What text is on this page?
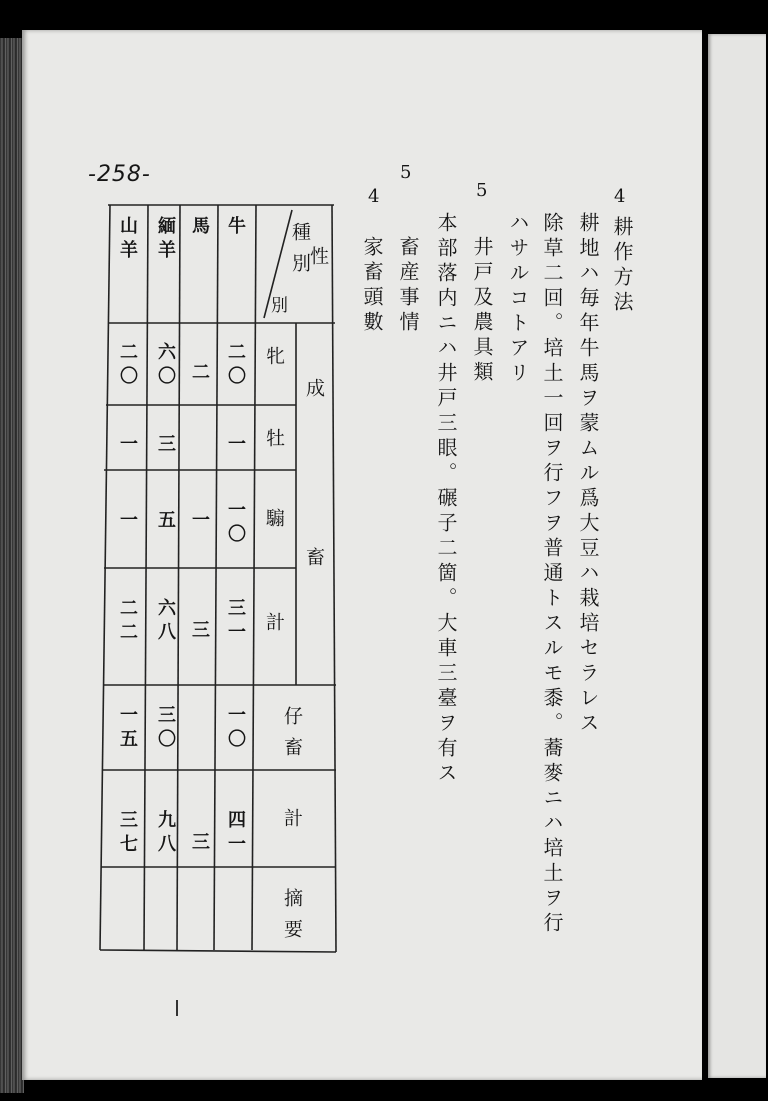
-258-
4
耕作方法
耕地ハ毎年牛馬ヲ蒙ムル爲大豆ハ栽培セラレス
除草二回。培土一回ヲ行フヲ普通トスルモ黍。蕎麥ニハ培土ヲ行
ハサルコトアリ
5
井戸及農具類
本部落内ニハ井戸三眼。碾子二箇。大車三臺ヲ有ス
5
畜産事情
4
家畜頭數
種別
性
別
成畜
牝
牡
騸
計
仔畜
計
摘要
牛
二〇
一
一〇
三一
一〇
四一
馬
二
一
三
三
緬羊
六〇
三
五
六八
三〇
九八
山羊
二〇
一
一
二二
一五
三七
